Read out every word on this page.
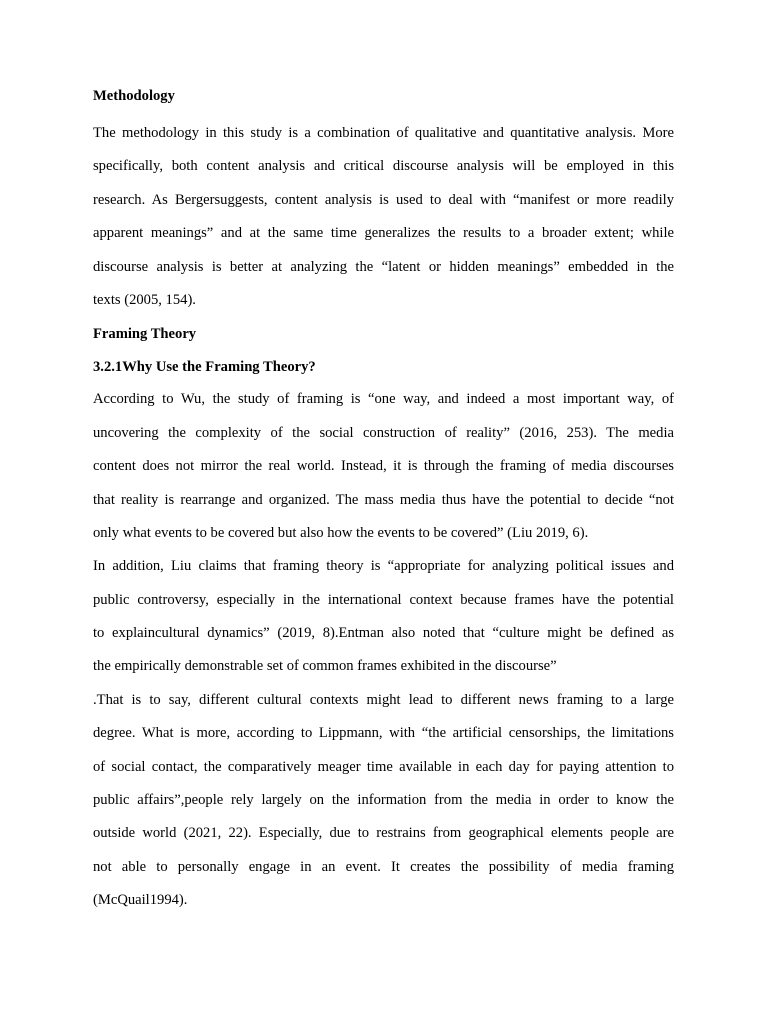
Methodology
The methodology in this study is a combination of qualitative and quantitative analysis. More
specifically, both content analysis and critical discourse analysis will be employed in this
research. As Bergersuggests, content analysis is used to deal with “manifest or more readily
apparent meanings” and at the same time generalizes the results to a broader extent; while
discourse analysis is better at analyzing the “latent or hidden meanings” embedded in the
texts (2005, 154).
Framing Theory
3.2.1Why Use the Framing Theory?
According to Wu, the study of framing is “one way, and indeed a most important way, of
uncovering the complexity of the social construction of reality” (2016, 253). The media
content does not mirror the real world. Instead, it is through the framing of media discourses
that reality is rearrange and organized. The mass media thus have the potential to decide “not
only what events to be covered but also how the events to be covered” (Liu 2019, 6).
In addition, Liu claims that framing theory is “appropriate for analyzing political issues and
public controversy, especially in the international context because frames have the potential
to explaincultural dynamics” (2019, 8).Entman also noted that “culture might be defined as
the empirically demonstrable set of common frames exhibited in the discourse”
.That is to say, different cultural contexts might lead to different news framing to a large
degree. What is more, according to Lippmann, with “the artificial censorships, the limitations
of social contact, the comparatively meager time available in each day for paying attention to
public affairs”,people rely largely on the information from the media in order to know the
outside world (2021, 22). Especially, due to restrains from geographical elements people are
not able to personally engage in an event. It creates the possibility of media framing
(McQuail1994).
